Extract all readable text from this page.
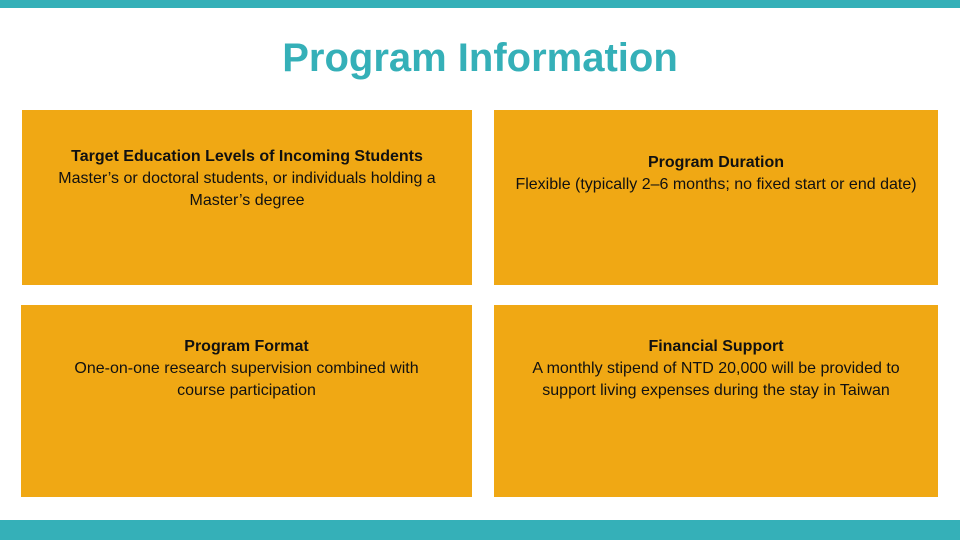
Program Information
Target Education Levels of Incoming Students
Master’s or doctoral students, or individuals holding a Master’s degree
Program Duration
Flexible (typically 2–6 months; no fixed start or end date)
Program Format
One-on-one research supervision combined with course participation
Financial Support
A monthly stipend of NTD 20,000 will be provided to support living expenses during the stay in Taiwan
